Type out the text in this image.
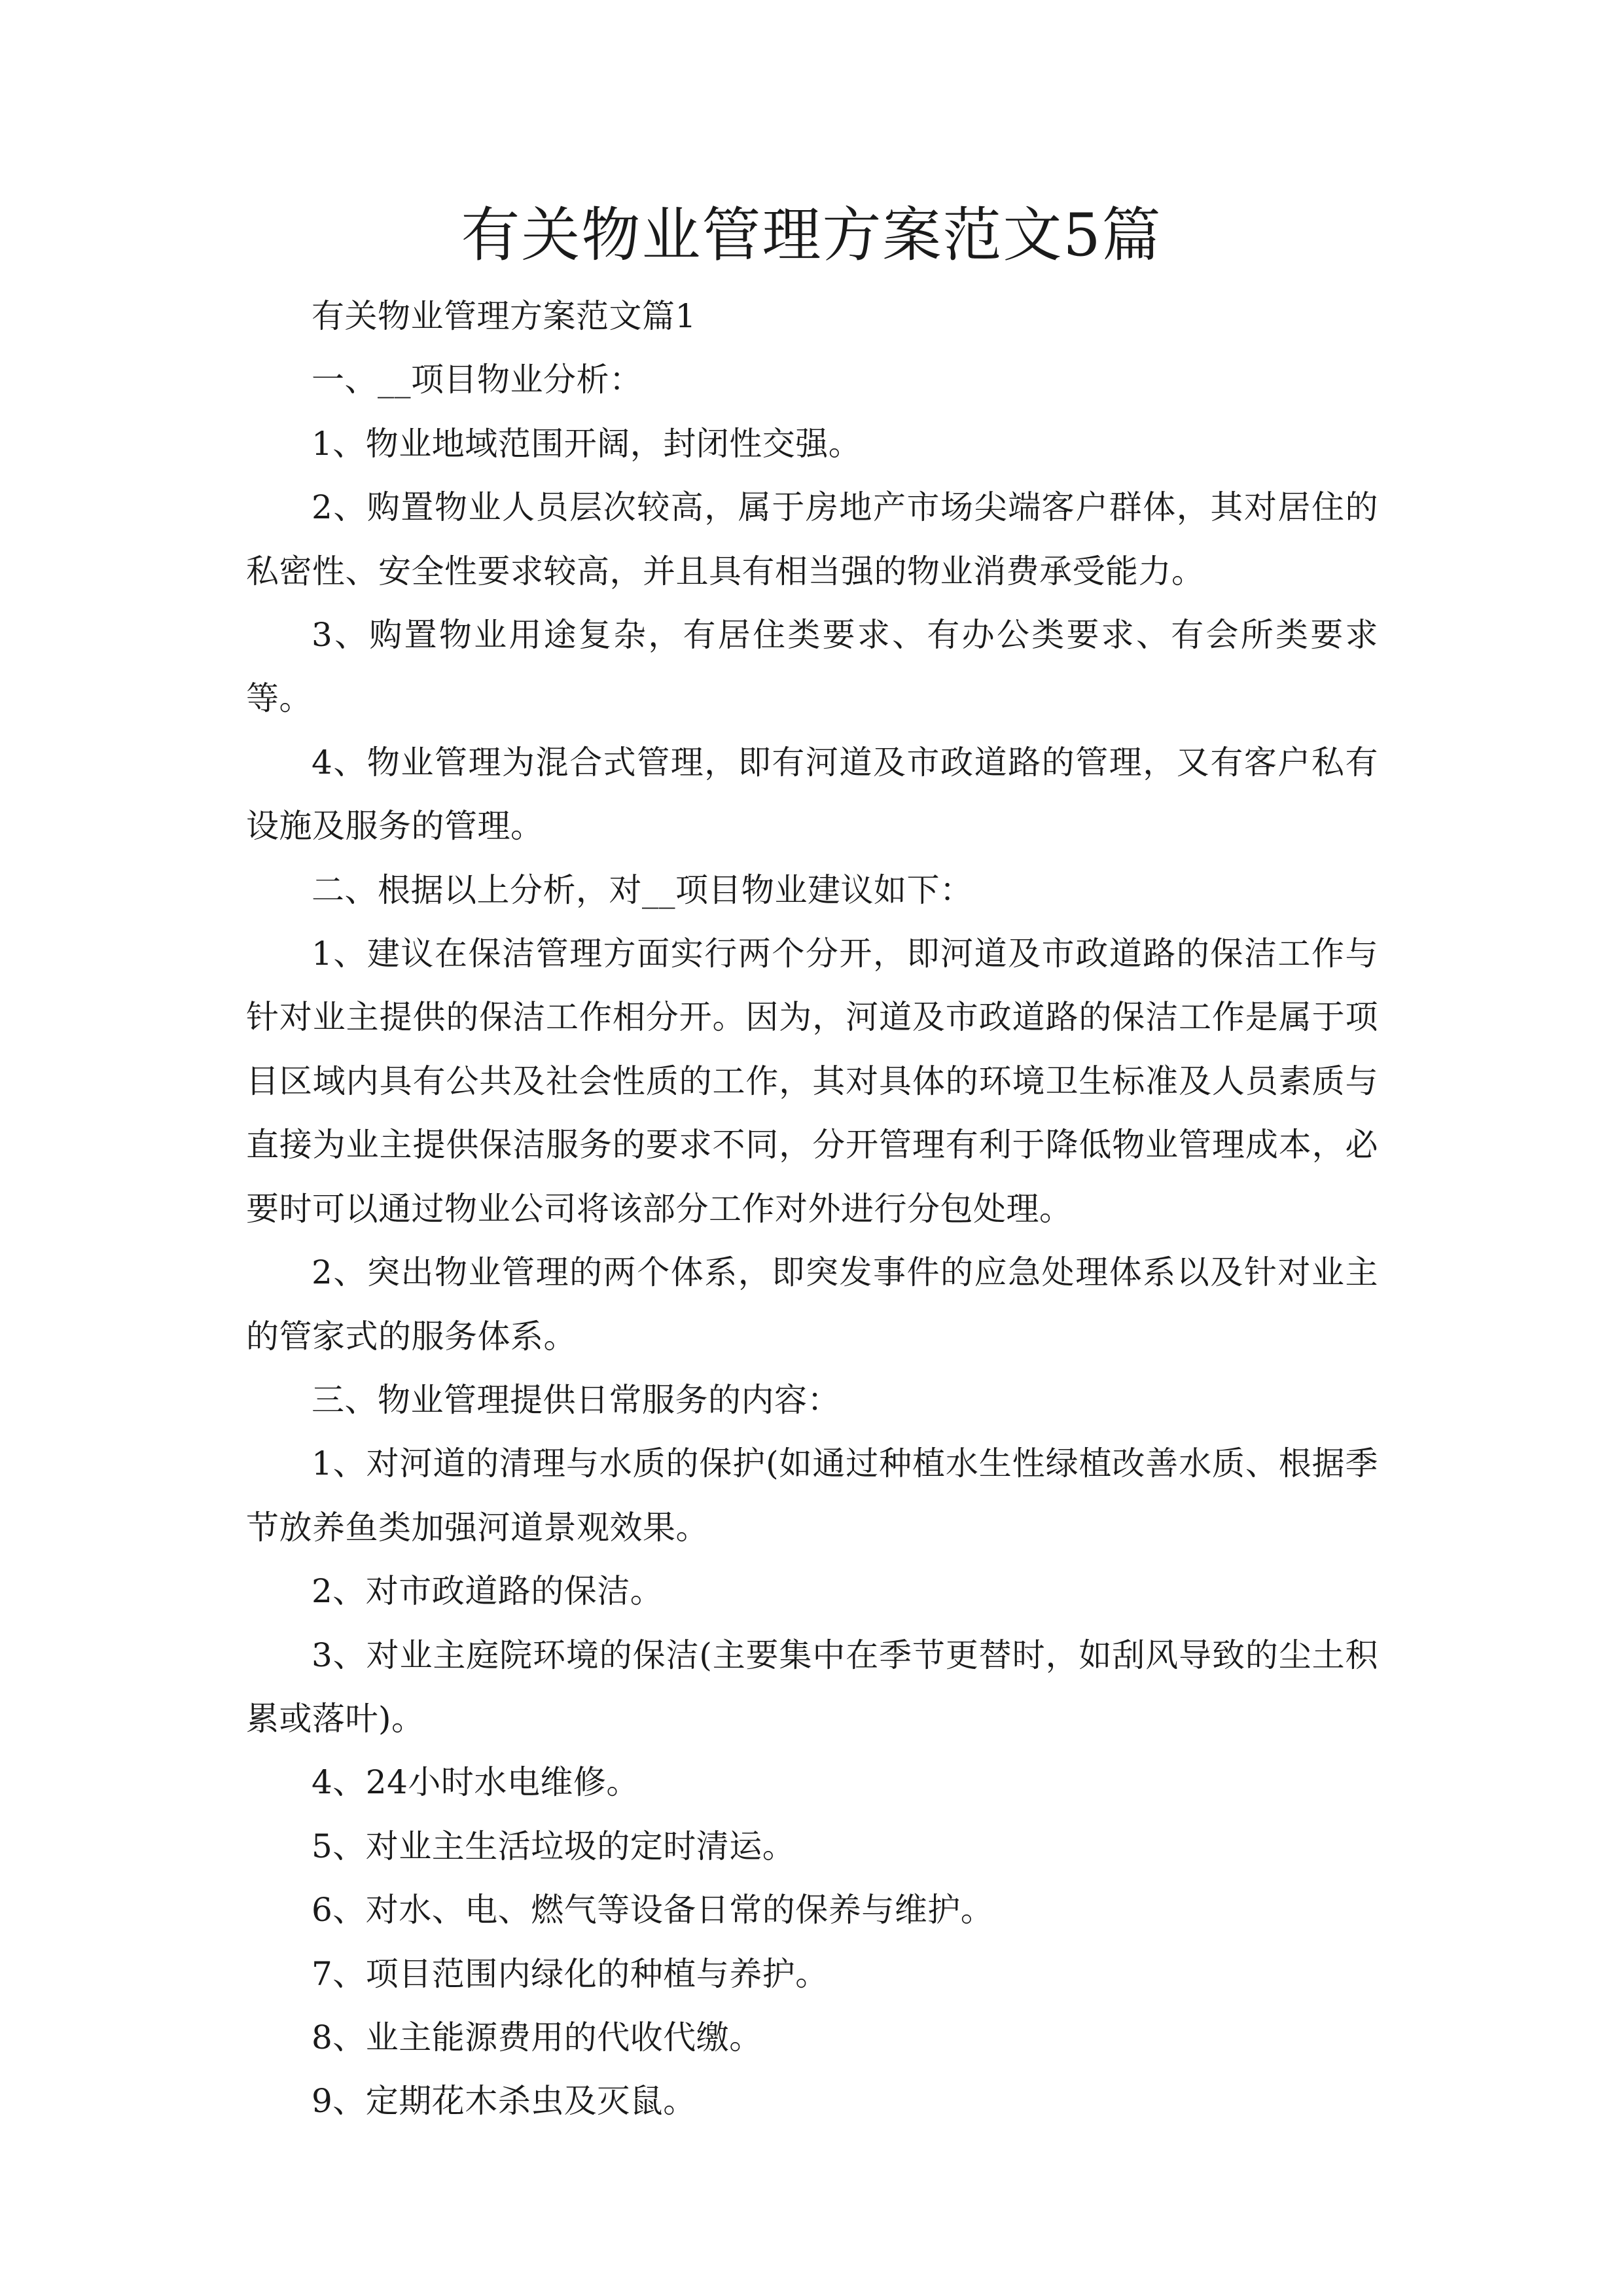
有关物业管理方案范文5篇

有关物业管理方案范文篇1

一、__项目物业分析：

1、物业地域范围开阔，封闭性交强。

2、购置物业人员层次较高，属于房地产市场尖端客户群体，其对居住的私密性、安全性要求较高，并且具有相当强的物业消费承受能力。

3、购置物业用途复杂，有居住类要求、有办公类要求、有会所类要求等。

4、物业管理为混合式管理，即有河道及市政道路的管理，又有客户私有设施及服务的管理。

二、根据以上分析，对__项目物业建议如下：

1、建议在保洁管理方面实行两个分开，即河道及市政道路的保洁工作与针对业主提供的保洁工作相分开。因为，河道及市政道路的保洁工作是属于项目区域内具有公共及社会性质的工作，其对具体的环境卫生标准及人员素质与直接为业主提供保洁服务的要求不同，分开管理有利于降低物业管理成本，必要时可以通过物业公司将该部分工作对外进行分包处理。

2、突出物业管理的两个体系，即突发事件的应急处理体系以及针对业主的管家式的服务体系。

三、物业管理提供日常服务的内容：

1、对河道的清理与水质的保护(如通过种植水生性绿植改善水质、根据季节放养鱼类加强河道景观效果。

2、对市政道路的保洁。

3、对业主庭院环境的保洁(主要集中在季节更替时，如刮风导致的尘土积累或落叶)。

4、24小时水电维修。

5、对业主生活垃圾的定时清运。

6、对水、电、燃气等设备日常的保养与维护。

7、项目范围内绿化的种植与养护。

8、业主能源费用的代收代缴。

9、定期花木杀虫及灭鼠。
